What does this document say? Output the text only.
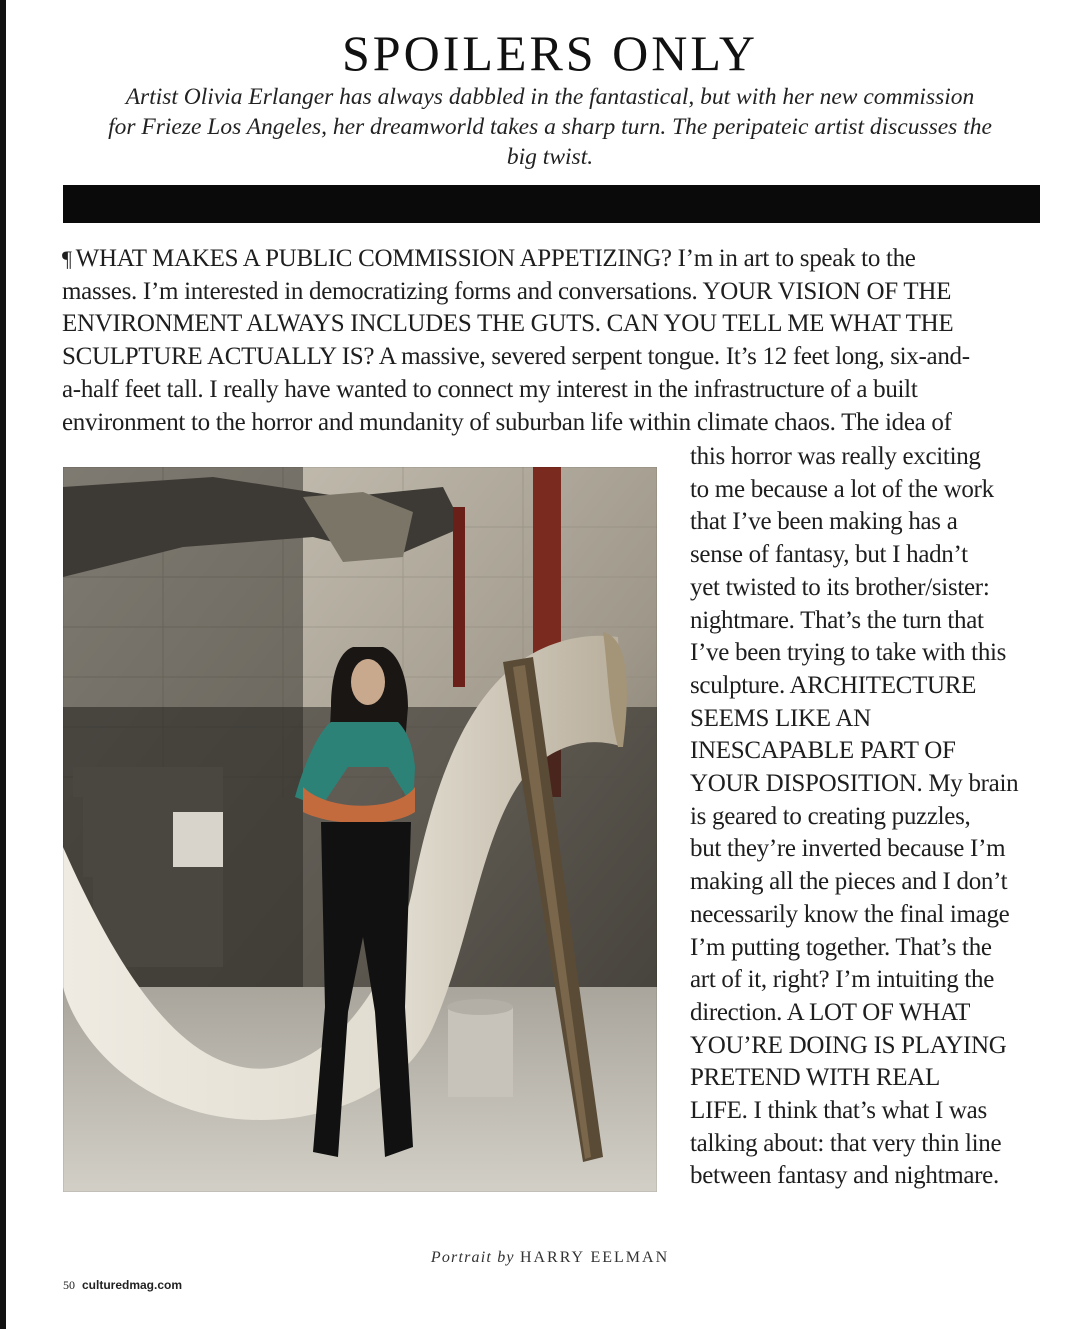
SPOILERS ONLY
Artist Olivia Erlanger has always dabbled in the fantastical, but with her new commission
for Frieze Los Angeles, her dreamworld takes a sharp turn. The peripateic artist discusses the
big twist.
¶ WHAT MAKES A PUBLIC COMMISSION APPETIZING? I’m in art to speak to the
masses. I’m interested in democratizing forms and conversations. YOUR VISION OF THE
ENVIRONMENT ALWAYS INCLUDES THE GUTS. CAN YOU TELL ME WHAT THE
SCULPTURE ACTUALLY IS? A massive, severed serpent tongue. It’s 12 feet long, six-and-
a-half feet tall. I really have wanted to connect my interest in the infrastructure of a built
environment to the horror and mundanity of suburban life within climate chaos. The idea of
this horror was really exciting
to me because a lot of the work
that I’ve been making has a
sense of fantasy, but I hadn’t
yet twisted to its brother/sister:
nightmare. That’s the turn that
I’ve been trying to take with this
sculpture. ARCHITECTURE
SEEMS LIKE AN
INESCAPABLE PART OF
YOUR DISPOSITION. My brain
is geared to creating puzzles,
but they’re inverted because I’m
making all the pieces and I don’t
necessarily know the final image
I’m putting together. That’s the
art of it, right? I’m intuiting the
direction. A LOT OF WHAT
YOU’RE DOING IS PLAYING
PRETEND WITH REAL
LIFE. I think that’s what I was
talking about: that very thin line
between fantasy and nightmare.
Portrait by HARRY EELMAN
50 culturedmag.com
